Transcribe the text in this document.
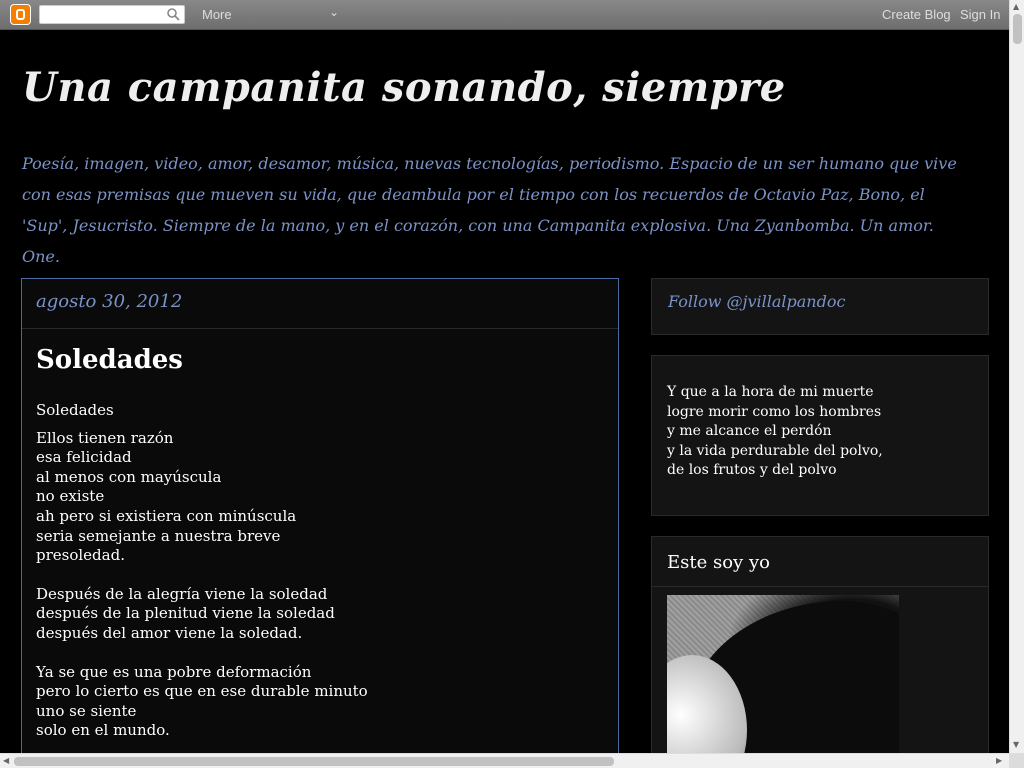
More	⌄	Create Blog Sign In
Una campanita sonando, siempre
Poesía, imagen, video, amor, desamor, música, nuevas tecnologías, periodismo. Espacio de un ser humano que vive con esas premisas que mueven su vida, que deambula por el tiempo con los recuerdos de Octavio Paz, Bono, el 'Sup', Jesucristo. Siempre de la mano, y en el corazón, con una Campanita explosiva. Una Zyanbomba. Un amor. One.
agosto 30, 2012
Soledades
Soledades
Ellos tienen razón
esa felicidad
al menos con mayúscula
no existe
ah pero si existiera con minúscula
seria semejante a nuestra breve
presoledad.
Después de la alegría viene la soledad
después de la plenitud viene la soledad
después del amor viene la soledad.
Ya se que es una pobre deformación
pero lo cierto es que en ese durable minuto
uno se siente
solo en el mundo.
Follow @jvillalpandoc
Y que a la hora de mi muerte
logre morir como los hombres
y me alcance el perdón
y la vida perdurable del polvo,
de los frutos y del polvo
Este soy yo
▲
▼
◀	▶
